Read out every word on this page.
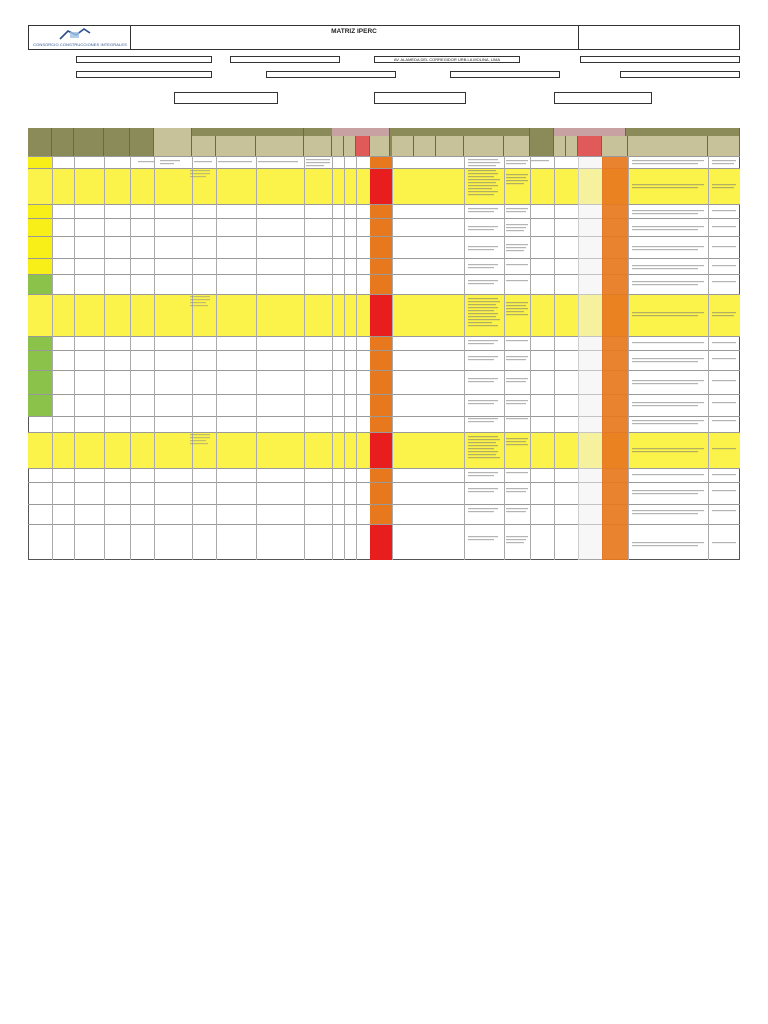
CONSORCIO CONSTRUCCIONES INTEGRALES
MATRIZ IPERC
AV. ALAMEDA DEL CORREGIDOR URB.LA MOLINA, LIMA
